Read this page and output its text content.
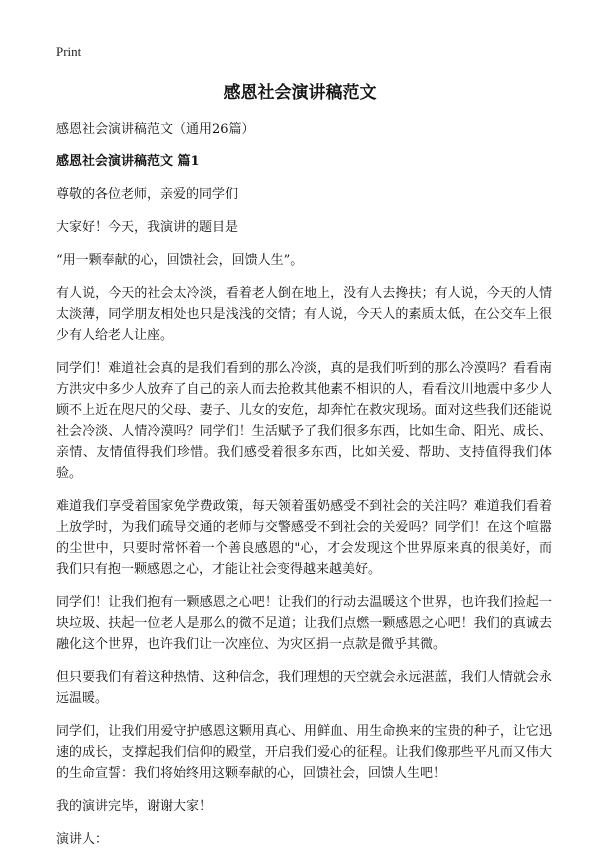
Print
感恩社会演讲稿范文

感恩社会演讲稿范文（通用26篇）

感恩社会演讲稿范文 篇1

尊敬的各位老师，亲爱的同学们

大家好！今天，我演讲的题目是

“用一颗奉献的心，回馈社会，回馈人生”。

有人说，今天的社会太冷淡，看着老人倒在地上，没有人去搀扶；有人说，今天的人情太淡薄，同学朋友相处也只是浅浅的交情；有人说，今天人的素质太低，在公交车上很少有人给老人让座。

同学们！难道社会真的是我们看到的那么冷淡，真的是我们听到的那么冷漠吗？看看南方洪灾中多少人放弃了自己的亲人而去抢救其他素不相识的人，看看汶川地震中多少人顾不上近在咫尺的父母、妻子、儿女的安危，却奔忙在救灾现场。面对这些我们还能说社会冷淡、人情冷漠吗？同学们！生活赋予了我们很多东西，比如生命、阳光、成长、亲情、友情值得我们珍惜。我们感受着很多东西，比如关爱、帮助、支持值得我们体验。

难道我们享受着国家免学费政策，每天领着蛋奶感受不到社会的关注吗？难道我们看着上放学时，为我们疏导交通的老师与交警感受不到社会的关爱吗？同学们！在这个喧嚣的尘世中，只要时常怀着一个善良感恩的"心，才会发现这个世界原来真的很美好，而我们只有抱一颗感恩之心，才能让社会变得越来越美好。

同学们！让我们抱有一颗感恩之心吧！让我们的行动去温暖这个世界，也许我们捡起一块垃圾、扶起一位老人是那么的微不足道；让我们点燃一颗感恩之心吧！我们的真诚去融化这个世界，也许我们让一次座位、为灾区捐一点款是微乎其微。

但只要我们有着这种热情、这种信念，我们理想的天空就会永远湛蓝，我们人情就会永远温暖。

同学们，让我们用爱守护感恩这颗用真心、用鲜血、用生命换来的宝贵的种子，让它迅速的成长，支撑起我们信仰的殿堂，开启我们爱心的征程。让我们像那些平凡而又伟大的生命宣誓：我们将始终用这颗奉献的心，回馈社会，回馈人生吧！

我的演讲完毕，谢谢大家！

演讲人：
